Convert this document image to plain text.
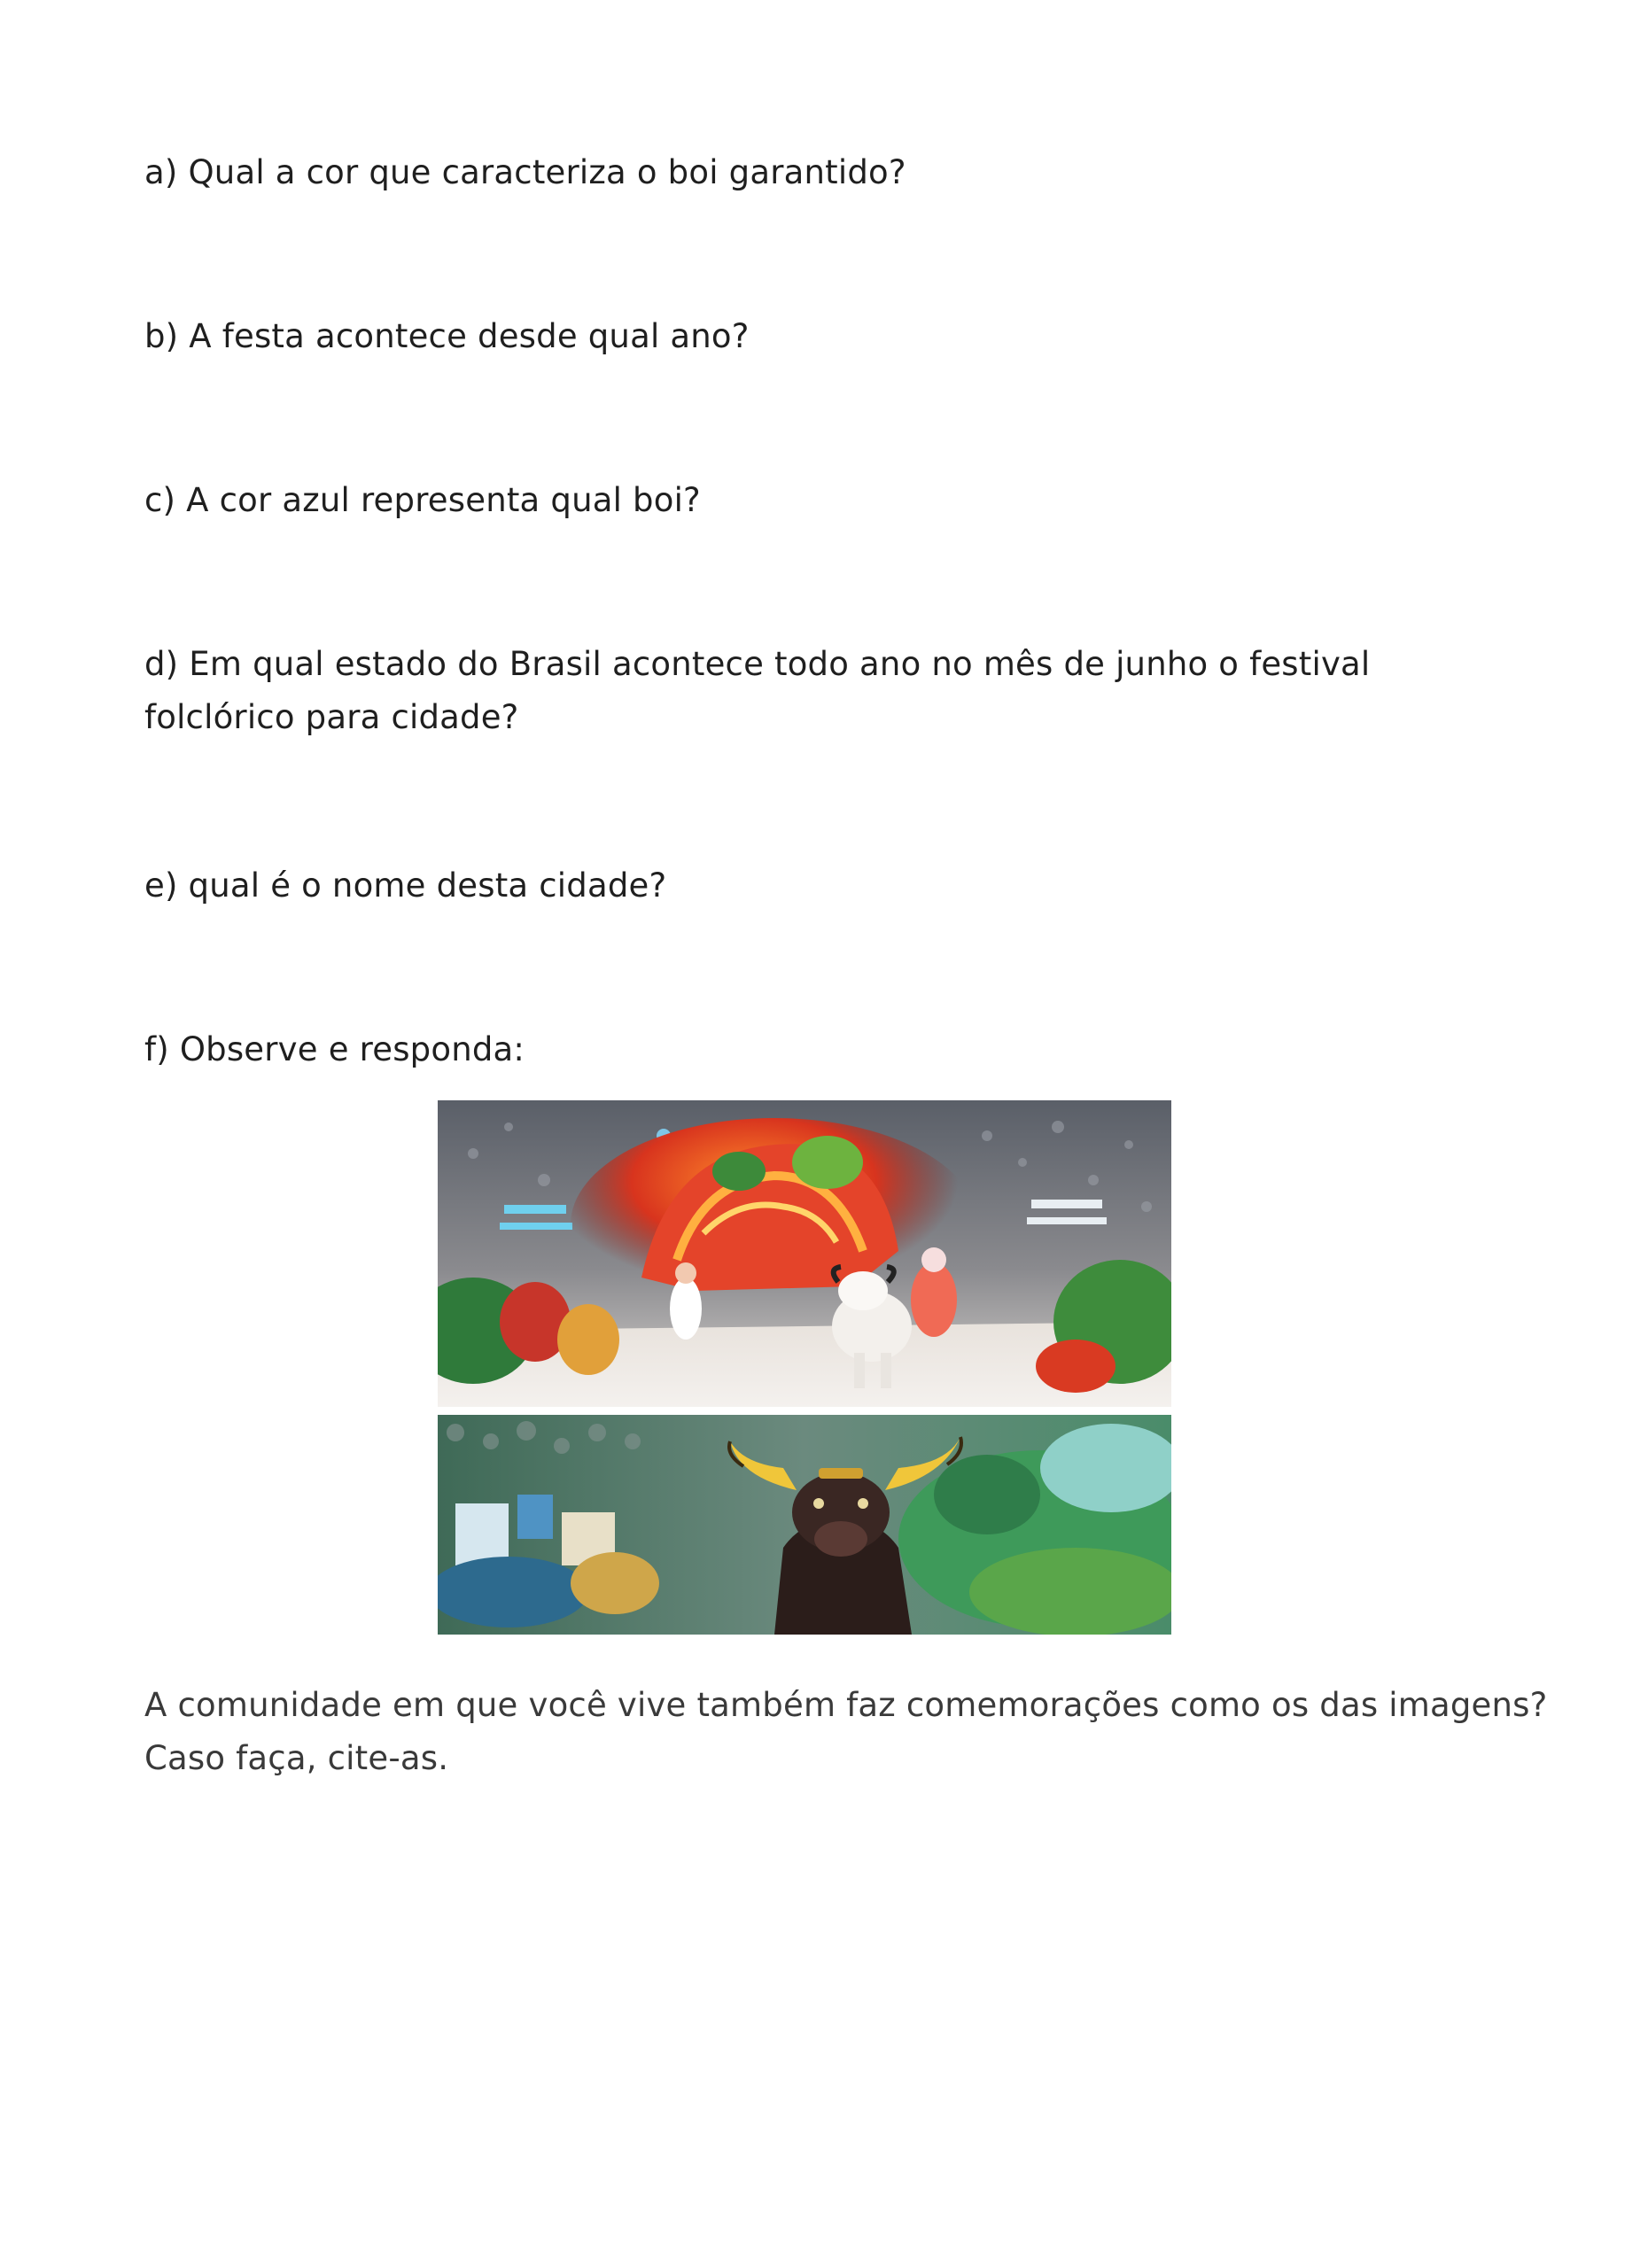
a) Qual a cor que caracteriza o boi garantido?

b) A festa acontece desde qual ano?

c) A cor azul representa qual boi?

d) Em qual estado do Brasil acontece todo ano no mês de junho o festival folclórico para cidade?

e) qual é o nome desta cidade?

f) Observe e responda:

A comunidade em que você vive também faz comemorações como os das imagens? Caso faça, cite-as.
